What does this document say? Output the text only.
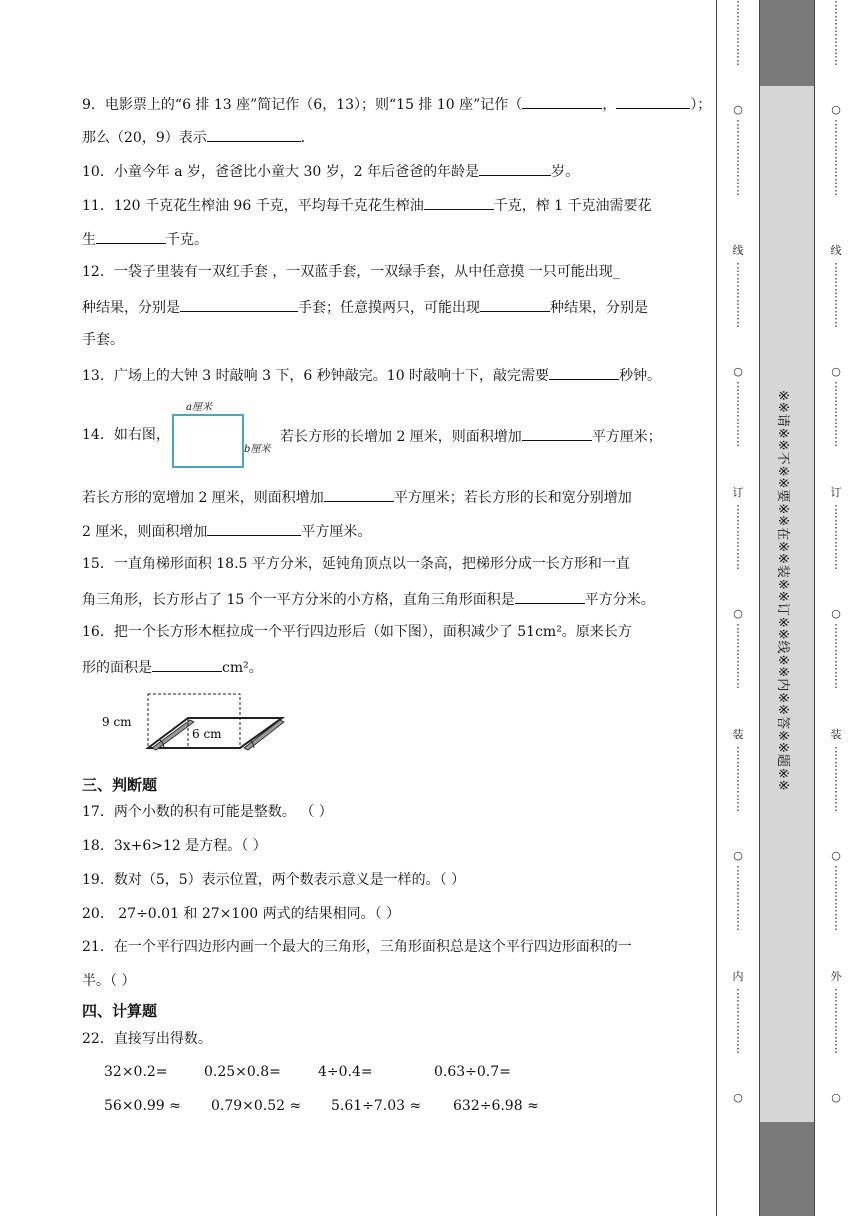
9．电影票上的“6 排 13 座”简记作（6，13）；则“15 排 10 座”记作（	，	）；
那么（20，9）表示	．
10．小童今年 a 岁，爸爸比小童大 30 岁，2 年后爸爸的年龄是	岁。
11．120 千克花生榨油 96 千克，平均每千克花生榨油	千克，榨 1 千克油需要花
生	千克。
12．一袋子里装有一双红手套 ，一双蓝手套，一双绿手套，从中任意摸 一只可能出现_
种结果，分别是	手套；任意摸两只，可能出现	种结果，分别是
手套。
13．广场上的大钟 3 时敲响 3 下，6 秒钟敲完。10 时敲响十下，敲完需要	秒钟。
14．如右图，
a厘米
b厘米
若长方形的长增加 2 厘米，则面积增加	平方厘米；
若长方形的宽增加 2 厘米，则面积增加	平方厘米；若长方形的长和宽分别增加
2 厘米，则面积增加	平方厘米。
15．一直角梯形面积 18.5 平方分米，延钝角顶点以一条高，把梯形分成一长方形和一直
角三角形，长方形占了 15 个一平方分米的小方格，直角三角形面积是	平方分米。
16．把一个长方形木框拉成一个平行四边形后（如下图），面积减少了 51cm²。原来长方
形的面积是	cm²。
9 cm
6 cm
三、判断题
17．两个小数的积有可能是整数。 （ ）
18．3x+6>12 是方程。（ ）
19．数对（5，5）表示位置，两个数表示意义是一样的。（ ）
20． 27÷0.01 和 27×100 两式的结果相同。（ ）
21．在一个平行四边形内画一个最大的三角形，三角形面积总是这个平行四边形面积的一
半。（ ）
四、计算题
22．直接写出得数。
32×0.2=	0.25×0.8=	4÷0.4=	0.63÷0.7=
56×0.99 ≈ 0.79×0.52 ≈ 5.61÷7.03 ≈ 632÷6.98 ≈
※※请※※不※※要※※在※※装※※订※※线※※内※※答※※题※※
⋮
⋮
⋮
⋮
⋮
⋮
○
⋮
⋮
⋮
⋮
⋮
⋮
⋮
线
⋮
⋮
⋮
⋮
⋮
⋮
○
⋮
⋮
⋮
⋮
⋮
⋮
订
⋮
⋮
⋮
⋮
⋮
⋮
○
⋮
⋮
⋮
⋮
⋮
⋮
装
⋮
⋮
⋮
⋮
⋮
⋮
○
⋮
⋮
⋮
⋮
⋮
⋮
内
⋮
⋮
⋮
⋮
⋮
⋮
○
⋮
⋮
⋮
⋮
⋮
⋮
○
⋮
⋮
⋮
⋮
⋮
⋮
⋮
线
⋮
⋮
⋮
⋮
⋮
⋮
○
⋮
⋮
⋮
⋮
⋮
⋮
订
⋮
⋮
⋮
⋮
⋮
⋮
○
⋮
⋮
⋮
⋮
⋮
⋮
装
⋮
⋮
⋮
⋮
⋮
⋮
○
⋮
⋮
⋮
⋮
⋮
⋮
外
⋮
⋮
⋮
⋮
⋮
⋮
○
